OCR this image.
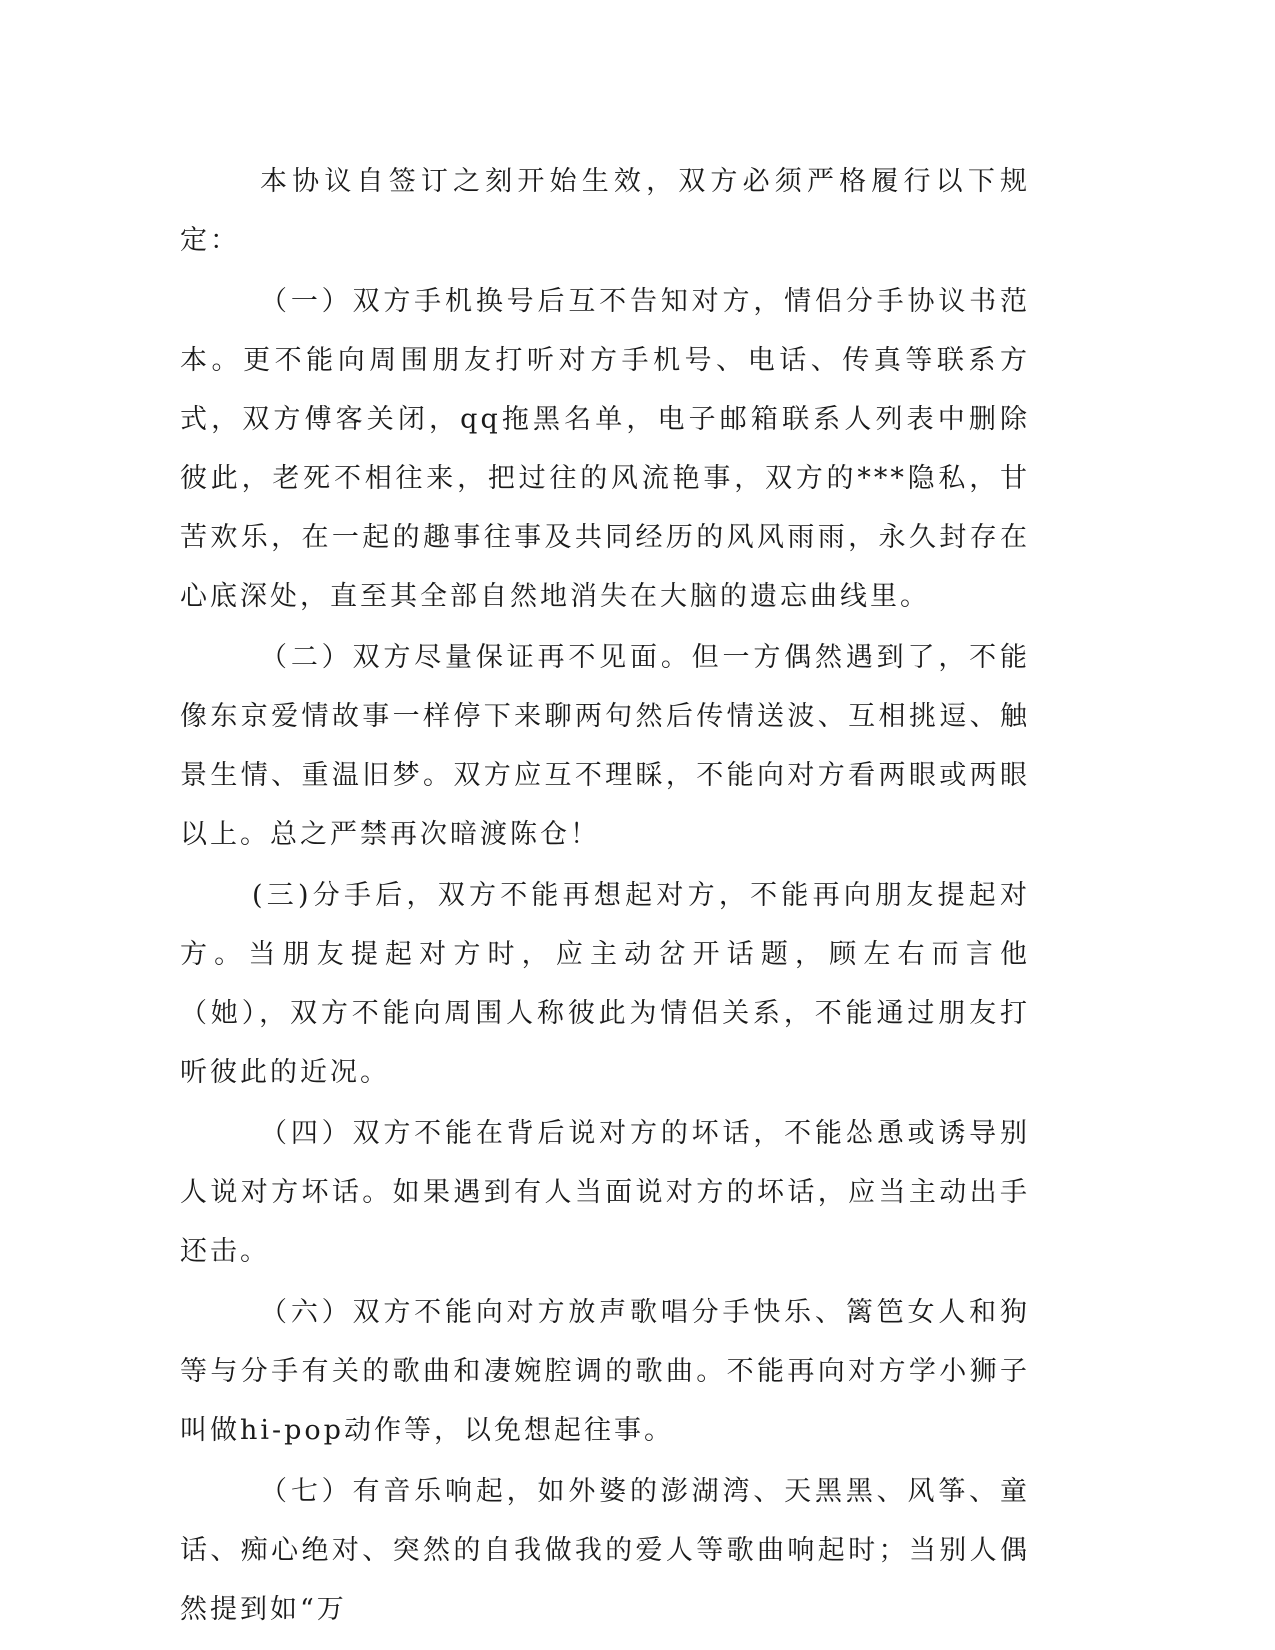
本协议自签订之刻开始生效，双方必须严格履行以下规定：

（一）双方手机换号后互不告知对方，情侣分手协议书范本。更不能向周围朋友打听对方手机号、电话、传真等联系方式，双方傅客关闭，qq拖黑名单，电子邮箱联系人列表中删除彼此，老死不相往来，把过往的风流艳事，双方的***隐私，甘苦欢乐，在一起的趣事往事及共同经历的风风雨雨，永久封存在心底深处，直至其全部自然地消失在大脑的遗忘曲线里。

（二）双方尽量保证再不见面。但一方偶然遇到了，不能像东京爱情故事一样停下来聊两句然后传情送波、互相挑逗、触景生情、重温旧梦。双方应互不理睬，不能向对方看两眼或两眼以上。总之严禁再次暗渡陈仓！

(三)分手后，双方不能再想起对方，不能再向朋友提起对方。当朋友提起对方时，应主动岔开话题，顾左右而言他（她），双方不能向周围人称彼此为情侣关系，不能通过朋友打听彼此的近况。

（四）双方不能在背后说对方的坏话，不能怂恿或诱导别人说对方坏话。如果遇到有人当面说对方的坏话，应当主动出手还击。

（六）双方不能向对方放声歌唱分手快乐、篱笆女人和狗等与分手有关的歌曲和凄婉腔调的歌曲。不能再向对方学小狮子叫做hi-pop动作等，以免想起往事。

（七）有音乐响起，如外婆的澎湖湾、天黑黑、风筝、童话、痴心绝对、突然的自我做我的爱人等歌曲响起时；当别人偶然提到如“万
